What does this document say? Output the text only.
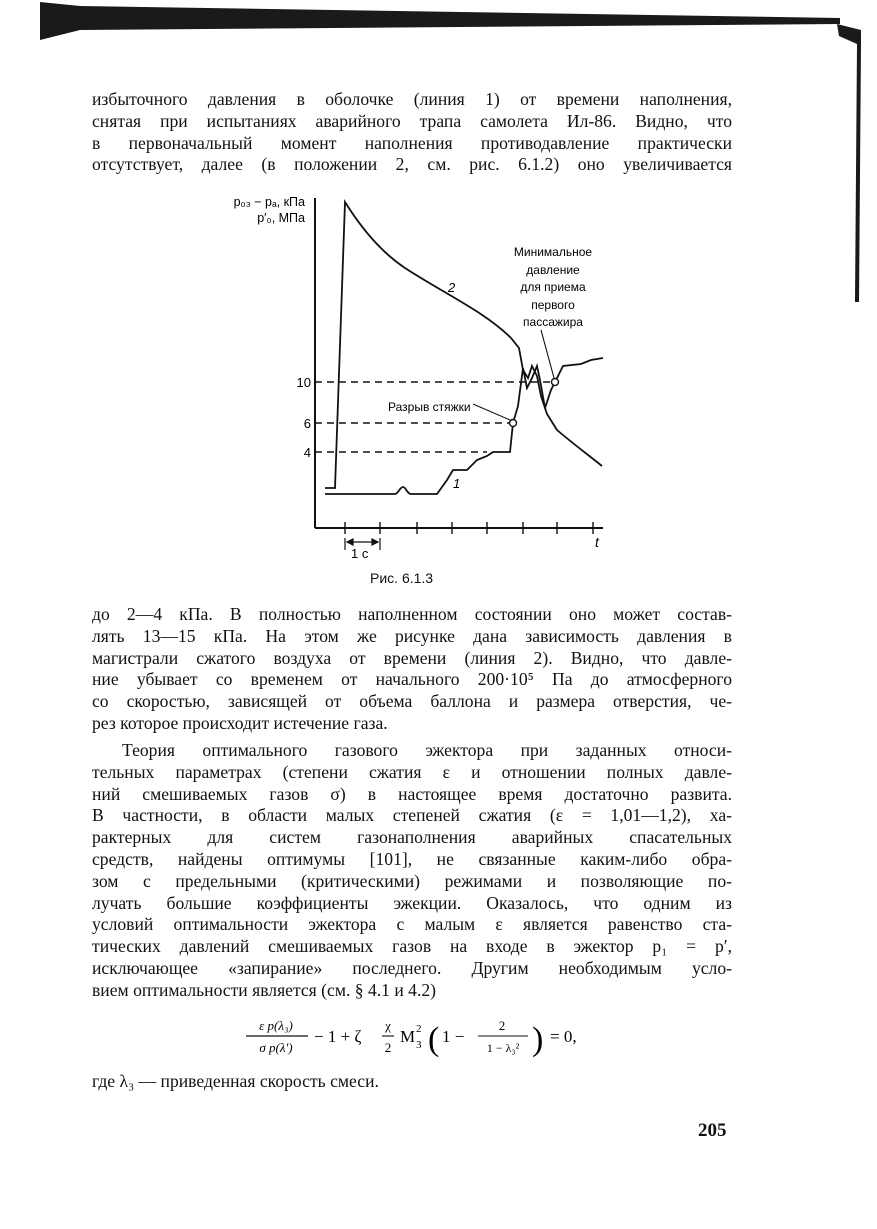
избыточного давления в оболочке (линия 1) от времени наполнения,
снятая при испытаниях аварийного трапа самолета Ил-86. Видно, что
в первоначальный момент наполнения противодавление практически
отсутствует, далее (в положении 2, см. рис. 6.1.2) оно увеличивается

p₀₃ − pₐ, кПа
p′₀, МПа
t
1 с
10
6
4
Минимальное
давление
для приема
первого
пассажира
Разрыв стяжки
2
1
Рис. 6.1.3

до 2—4 кПа. В полностью наполненном состоянии оно может состав-
лять 13—15 кПа. На этом же рисунке дана зависимость давления в
магистрали сжатого воздуха от времени (линия 2). Видно, что давле-
ние убывает со временем от начального 200·10⁵ Па до атмосферного
со скоростью, зависящей от объема баллона и размера отверстия, че-
рез которое происходит истечение газа.

Теория оптимального газового эжектора при заданных относи-
тельных параметрах (степени сжатия ε и отношении полных давле-
ний смешиваемых газов σ) в настоящее время достаточно развита.
В частности, в области малых степеней сжатия (ε = 1,01—1,2), ха-
рактерных для систем газонаполнения аварийных спасательных
средств, найдены оптимумы [101], не связанные каким-либо обра-
зом с предельными (критическими) режимами и позволяющие по-
лучать большие коэффициенты эжекции. Оказалось, что одним из
условий оптимальности эжектора с малым ε является равенство ста-
тических давлений смешиваемых газов на входе в эжектор p₁ = p′,
исключающее «запирание» последнего. Другим необходимым усло-
вием оптимальности является (см. § 4.1 и 4.2)

ε p(λ₃)
σ p(λ′)
− 1 + ζ
χ
2
M 2
3 ( 1 −
2
1 − λ₃² ) = 0,

где λ₃ — приведенная скорость смеси.

205
